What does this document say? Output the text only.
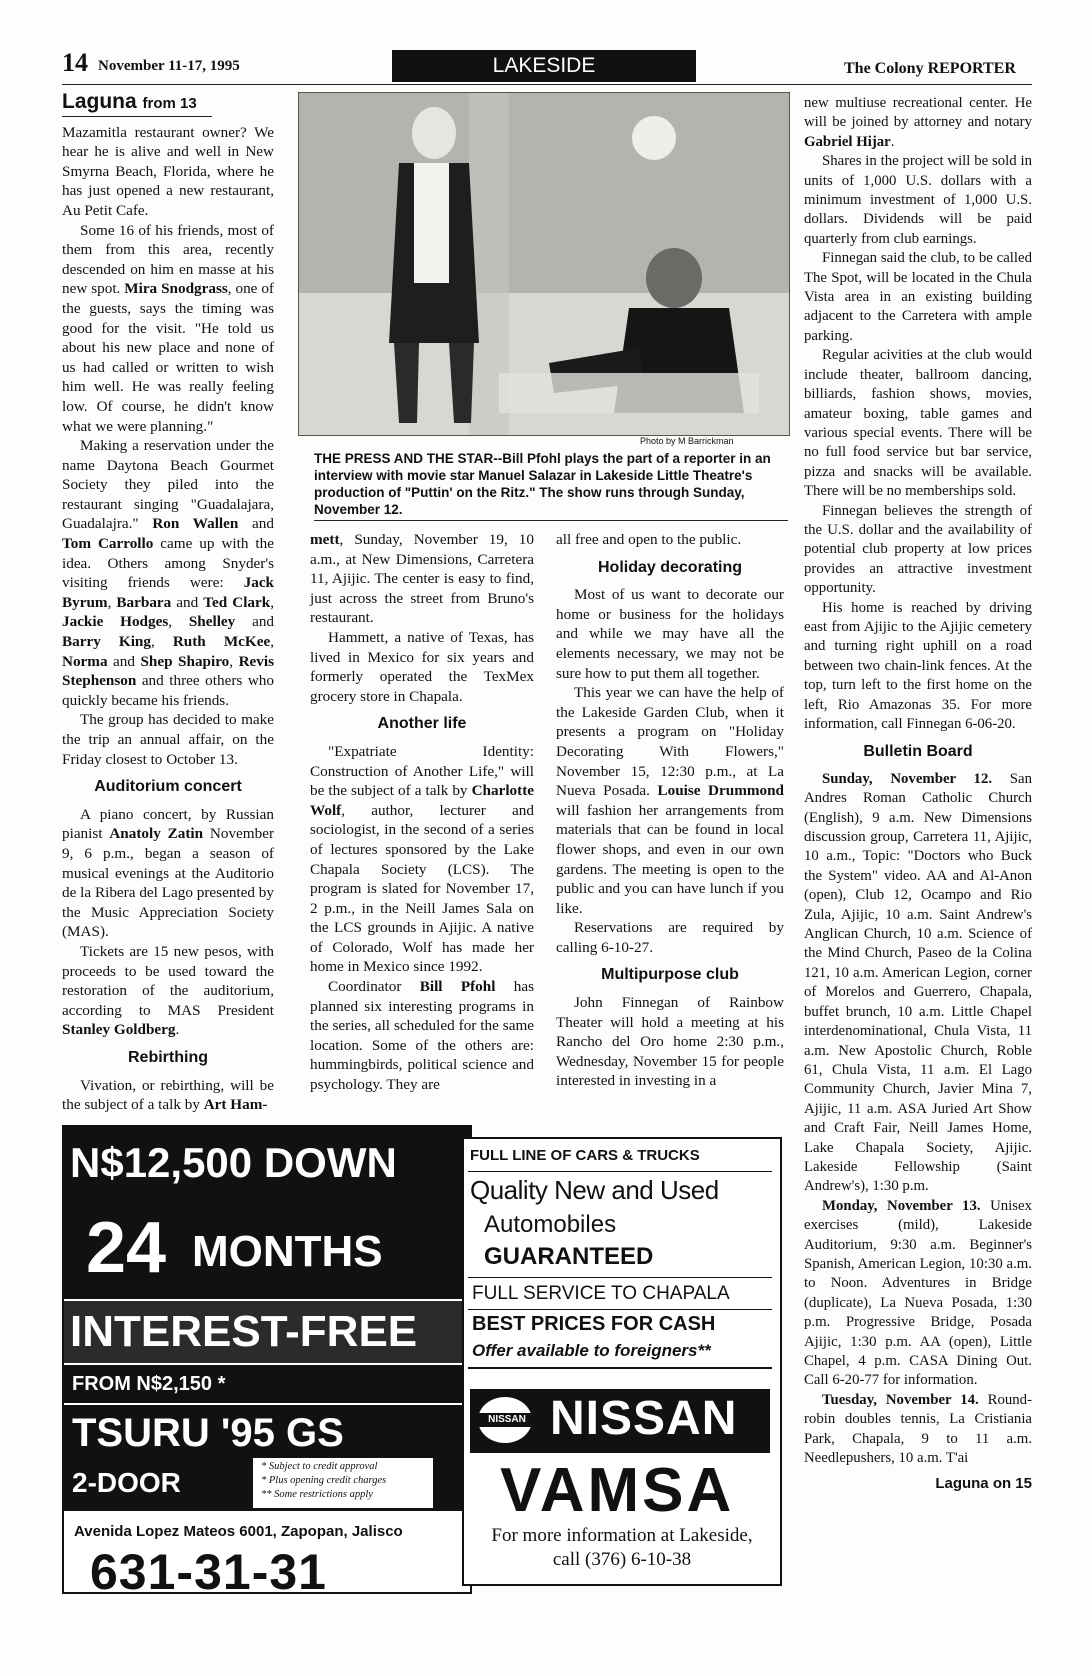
14 November 11-17, 1995	LAKESIDE	The Colony REPORTER
Laguna from 13

Mazamitla restaurant owner? We hear he is alive and well in New Smyrna Beach, Florida, where he has just opened a new restaurant, Au Petit Cafe.

Some 16 of his friends, most of them from this area, recently descended on him en masse at his new spot. Mira Snodgrass, one of the guests, says the timing was good for the visit. "He told us about his new place and none of us had called or written to wish him well. He was really feeling low. Of course, he didn't know what we were planning."

Making a reservation under the name Daytona Beach Gourmet Society they piled into the restaurant singing "Guadalajara, Guadalajra." Ron Wallen and Tom Carrollo came up with the idea. Others among Snyder's visiting friends were: Jack Byrum, Barbara and Ted Clark, Jackie Hodges, Shelley and Barry King, Ruth McKee, Norma and Shep Shapiro, Revis Stephenson and three others who quickly became his friends.

The group has decided to make the trip an annual affair, on the Friday closest to October 13.

Auditorium concert

A piano concert, by Russian pianist Anatoly Zatin November 9, 6 p.m., began a season of musical evenings at the Auditorio de la Ribera del Lago presented by the Music Appreciation Society (MAS).

Tickets are 15 new pesos, with proceeds to be used toward the restoration of the auditorium, according to MAS President Stanley Goldberg.

Rebirthing

Vivation, or rebirthing, will be the subject of a talk by Art Ham-

Photo by M Barrickman
THE PRESS AND THE STAR--Bill Pfohl plays the part of a reporter in an interview with movie star Manuel Salazar in Lakeside Little Theatre's production of "Puttin' on the Ritz." The show runs through Sunday, November 12.

mett, Sunday, November 19, 10 a.m., at New Dimensions, Carretera 11, Ajijic. The center is easy to find, just across the street from Bruno's restaurant.

Hammett, a native of Texas, has lived in Mexico for six years and formerly operated the TexMex grocery store in Chapala.

Another life

"Expatriate Identity: Construction of Another Life," will be the subject of a talk by Charlotte Wolf, author, lecturer and sociologist, in the second of a series of lectures sponsored by the Lake Chapala Society (LCS). The program is slated for November 17, 2 p.m., in the Neill James Sala on the LCS grounds in Ajijic. A native of Colorado, Wolf has made her home in Mexico since 1992.

Coordinator Bill Pfohl has planned six interesting programs in the series, all scheduled for the same location. Some of the others are: hummingbirds, political science and psychology. They are

all free and open to the public.

Holiday decorating

Most of us want to decorate our home or business for the holidays and while we may have all the elements necessary, we may not be sure how to put them all together.

This year we can have the help of the Lakeside Garden Club, when it presents a program on "Holiday Decorating With Flowers," November 15, 12:30 p.m., at La Nueva Posada. Louise Drummond will fashion her arrangements from materials that can be found in local flower shops, and even in our own gardens. The meeting is open to the public and you can have lunch if you like.

Reservations are required by calling 6-10-27.

Multipurpose club

John Finnegan of Rainbow Theater will hold a meeting at his Rancho del Oro home 2:30 p.m., Wednesday, November 15 for people interested in investing in a

new multiuse recreational center. He will be joined by attorney and notary Gabriel Hijar.

Shares in the project will be sold in units of 1,000 U.S. dollars with a minimum investment of 1,000 U.S. dollars. Dividends will be paid quarterly from club earnings.

Finnegan said the club, to be called The Spot, will be located in the Chula Vista area in an existing building adjacent to the Carretera with ample parking.

Regular acivities at the club would include theater, ballroom dancing, billiards, fashion shows, movies, amateur boxing, table games and various special events. There will be no full food service but bar service, pizza and snacks will be available. There will be no memberships sold.

Finnegan believes the strength of the U.S. dollar and the availability of potential club property at low prices provides an attractive investment opportunity.

His home is reached by driving east from Ajijic to the Ajijic cemetery and turning right uphill on a road between two chain-link fences. At the top, turn left to the first home on the left, Rio Amazonas 35. For more information, call Finnegan 6-06-20.

Bulletin Board

Sunday, November 12. San Andres Roman Catholic Church (English), 9 a.m. New Dimensions discussion group, Carretera 11, Ajijic, 10 a.m., Topic: "Doctors who Buck the System" video. AA and Al-Anon (open), Club 12, Ocampo and Rio Zula, Ajijic, 10 a.m. Saint Andrew's Anglican Church, 10 a.m. Science of the Mind Church, Paseo de la Colina 121, 10 a.m. American Legion, corner of Morelos and Guerrero, Chapala, buffet brunch, 10 a.m. Little Chapel interdenominational, Chula Vista, 11 a.m. New Apostolic Church, Roble 61, Chula Vista, 11 a.m. El Lago Community Church, Javier Mina 7, Ajijic, 11 a.m. ASA Juried Art Show and Craft Fair, Neill James Home, Lake Chapala Society, Ajijic. Lakeside Fellowship (Saint Andrew's), 1:30 p.m.

Monday, November 13. Unisex exercises (mild), Lakeside Auditorium, 9:30 a.m. Beginner's Spanish, American Legion, 10:30 a.m. to Noon. Adventures in Bridge (duplicate), La Nueva Posada, 1:30 p.m. Progressive Bridge, Posada Ajijic, 1:30 p.m. AA (open), Little Chapel, 4 p.m. CASA Dining Out. Call 6-20-77 for information.

Tuesday, November 14. Round-robin doubles tennis, La Cristiania Park, Chapala, 9 to 11 a.m. Needlepushers, 10 a.m. T'ai

Laguna on 15
N$12,500 DOWN
24 MONTHS
INTEREST-FREE
FROM N$2,150 *
TSURU '95 GS
2-DOOR
* Subject to credit approval
* Plus opening credit charges
** Some restrictions apply
Avenida Lopez Mateos 6001, Zapopan, Jalisco
631-31-31
FULL LINE OF CARS & TRUCKS
Quality New and Used
Automobiles
GUARANTEED
FULL SERVICE TO CHAPALA
BEST PRICES FOR CASH
Offer available to foreigners**
NISSAN NISSAN
VAMSA
For more information at Lakeside,
call (376) 6-10-38
